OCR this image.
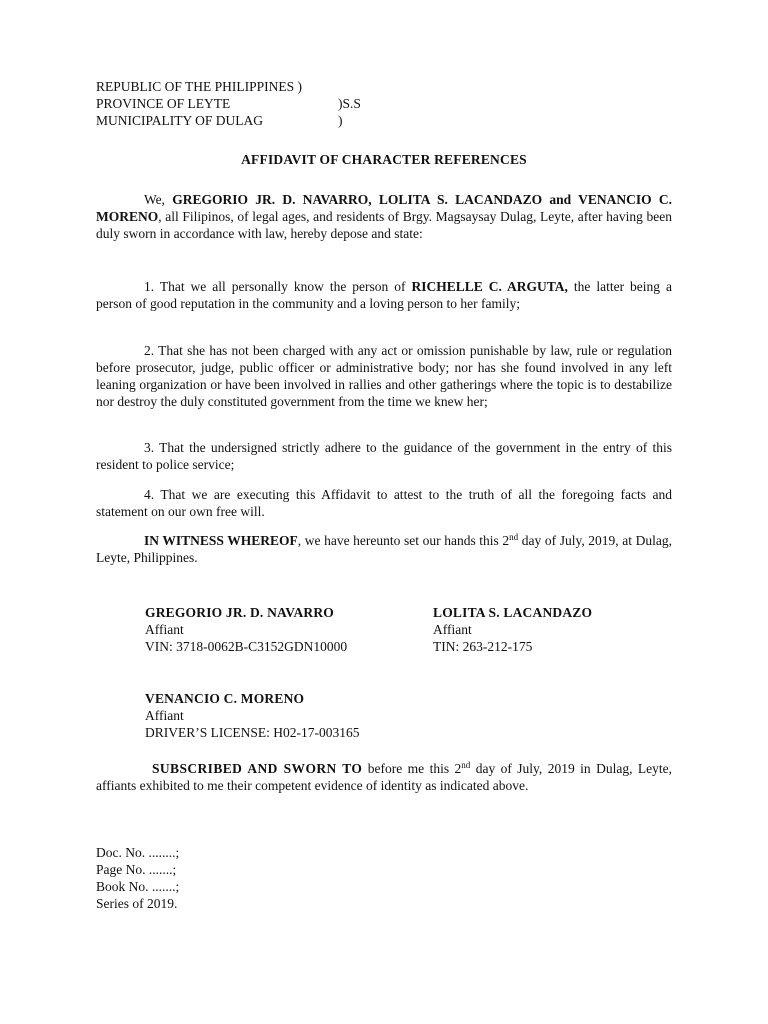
REPUBLIC OF THE PHILIPPINES )
PROVINCE OF LEYTE	)S.S
MUNICIPALITY OF DULAG	)
AFFIDAVIT OF CHARACTER REFERENCES

We, GREGORIO JR. D. NAVARRO, LOLITA S. LACANDAZO and VENANCIO C. MORENO, all Filipinos, of legal ages, and residents of Brgy. Magsaysay Dulag, Leyte, after having been duly sworn in accordance with law, hereby depose and state:

1. That we all personally know the person of RICHELLE C. ARGUTA, the latter being a person of good reputation in the community and a loving person to her family;

2. That she has not been charged with any act or omission punishable by law, rule or regulation before prosecutor, judge, public officer or administrative body; nor has she found involved in any left leaning organization or have been involved in rallies and other gatherings where the topic is to destabilize nor destroy the duly constituted government from the time we knew her;

3. That the undersigned strictly adhere to the guidance of the government in the entry of this resident to police service;

4. That we are executing this Affidavit to attest to the truth of all the foregoing facts and statement on our own free will.

IN WITNESS WHEREOF, we have hereunto set our hands this 2nd day of July, 2019, at Dulag, Leyte, Philippines.

GREGORIO JR. D. NAVARRO
Affiant
VIN: 3718-0062B-C3152GDN10000
LOLITA S. LACANDAZO
Affiant
TIN: 263-212-175
VENANCIO C. MORENO
Affiant
DRIVER’S LICENSE: H02-17-003165

SUBSCRIBED AND SWORN TO before me this 2nd day of July, 2019 in Dulag, Leyte, affiants exhibited to me their competent evidence of identity as indicated above.

Doc. No. ........;
Page No. .......;
Book No. .......;
Series of 2019.
